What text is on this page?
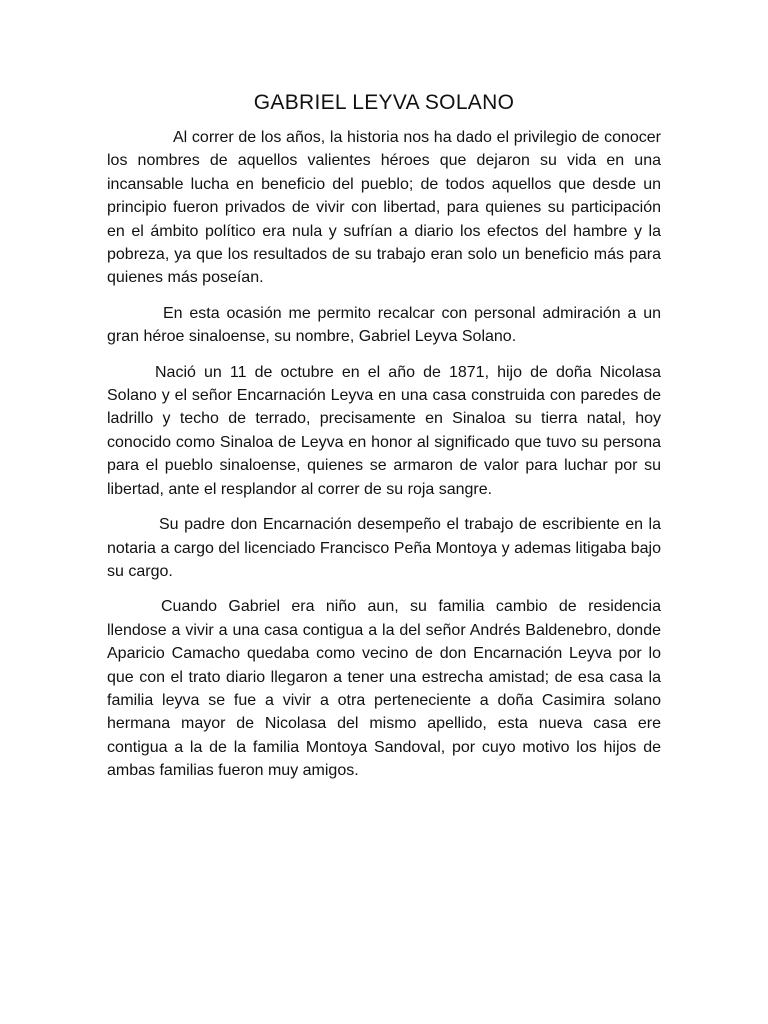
GABRIEL LEYVA SOLANO

Al correr de los años, la historia nos ha dado el privilegio de conocer los nombres de aquellos valientes héroes que dejaron su vida en una incansable lucha en beneficio del pueblo; de todos aquellos que desde un principio fueron privados de vivir con libertad, para quienes su participación en el ámbito político era nula y sufrían a diario los efectos del hambre y la pobreza, ya que los resultados de su trabajo eran solo un beneficio más para quienes más poseían.

En esta ocasión me permito recalcar con personal admiración a un gran héroe sinaloense, su nombre, Gabriel Leyva Solano.

Nació un 11 de octubre en el año de 1871, hijo de doña Nicolasa Solano y el señor Encarnación Leyva en una casa construida con paredes de ladrillo y techo de terrado, precisamente en Sinaloa su tierra natal, hoy conocido como Sinaloa de Leyva en honor al significado que tuvo su persona para el pueblo sinaloense, quienes se armaron de valor para luchar por su libertad, ante el resplandor al correr de su roja sangre.

Su padre don Encarnación desempeño el trabajo de escribiente en la notaria a cargo del licenciado Francisco Peña Montoya y ademas litigaba bajo su cargo.

Cuando Gabriel era niño aun, su familia cambio de residencia llendose a vivir a una casa contigua a la del señor Andrés Baldenebro, donde Aparicio Camacho quedaba como vecino de don Encarnación Leyva por lo que con el trato diario llegaron a tener una estrecha amistad; de esa casa la familia leyva se fue a vivir a otra perteneciente a doña Casimira solano hermana mayor de Nicolasa del mismo apellido, esta nueva casa ere contigua a la de la familia Montoya Sandoval, por cuyo motivo los hijos de ambas familias fueron muy amigos.
